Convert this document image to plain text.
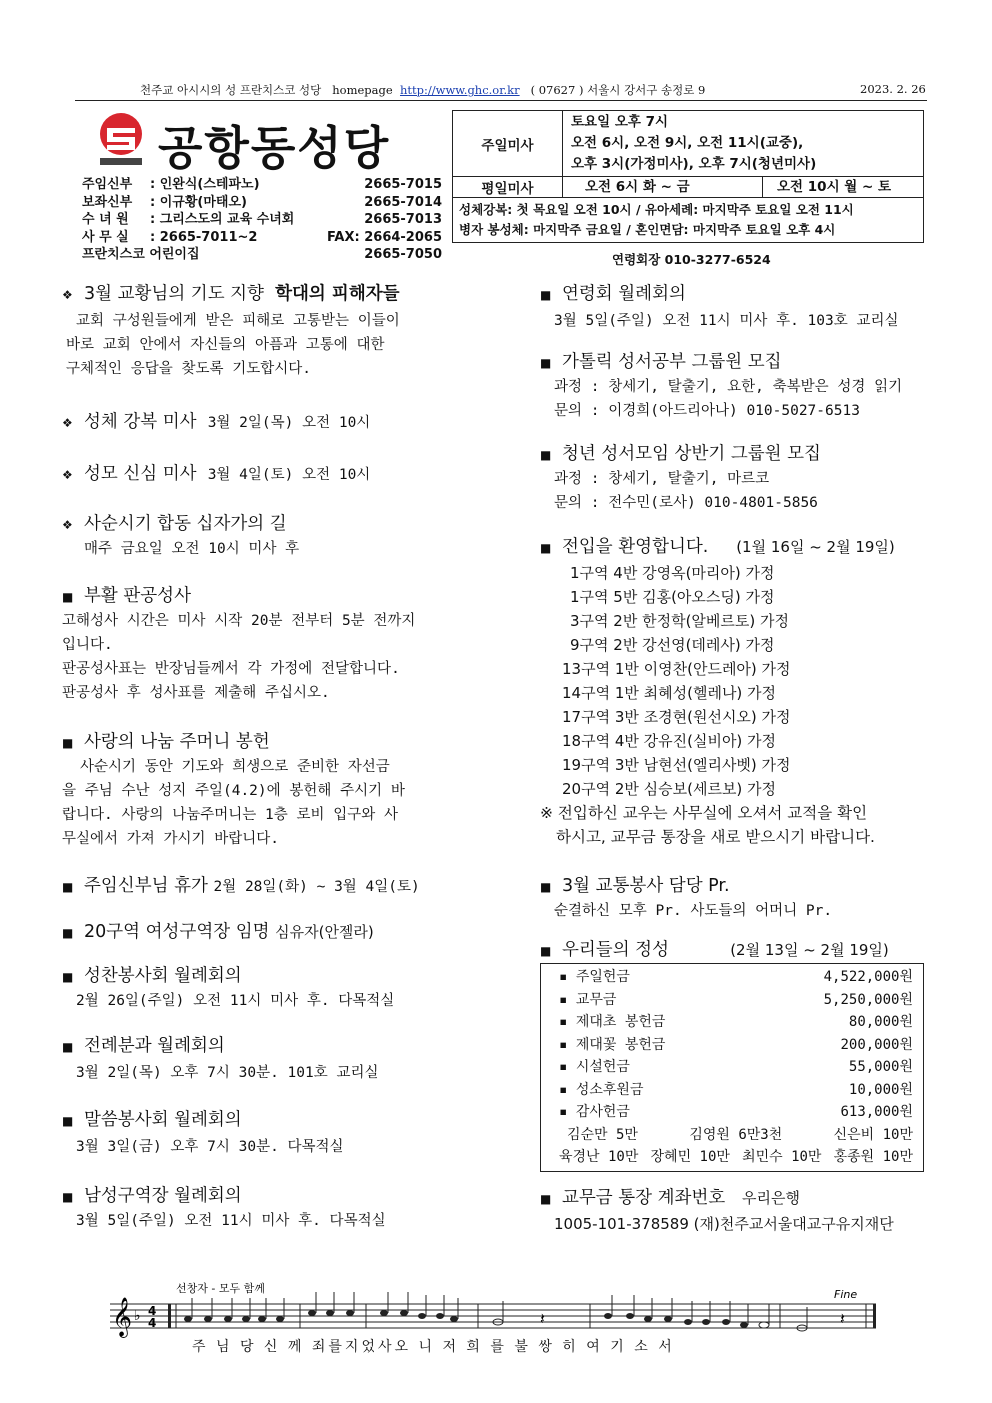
천주교 아시시의 성 프란치스코 성당 homepage http://www.ghc.or.kr ( 07627 ) 서울시 강서구 송정로 9	2023. 2. 26
공항동성당
주임신부	: 인완식(스테파노)	2665-7015
보좌신부	: 이규황(마태오)	2665-7014
수 녀 원	: 그리스도의 교육 수녀회	2665-7013
사 무 실	: 2665-7011~2	FAX: 2664-2065
프란치스코 어린이집	2665-7050
주일미사
토요일 오후 7시
오전 6시, 오전 9시, 오전 11시(교중),
오후 3시(가정미사), 오후 7시(청년미사)
평일미사	오전 6시 화 ~ 금	오전 10시 월 ~ 토
성체강복: 첫 목요일 오전 10시 / 유아세례: 마지막주 토요일 오전 11시
병자 봉성체: 마지막주 금요일 / 혼인면담: 마지막주 토요일 오후 4시
연령회장 010-3277-6524
❖ 3월 교황님의 기도 지향 학대의 피해자들
교회 구성원들에게 받은 피해로 고통받는 이들이
바로 교회 안에서 자신들의 아픔과 고통에 대한
구체적인 응답을 찾도록 기도합시다.
❖ 성체 강복 미사 3월 2일(목) 오전 10시
❖ 성모 신심 미사 3월 4일(토) 오전 10시
❖ 사순시기 합동 십자가의 길
매주 금요일 오전 10시 미사 후
■ 부활 판공성사
고해성사 시간은 미사 시작 20분 전부터 5분 전까지
입니다.
판공성사표는 반장님들께서 각 가정에 전달합니다.
판공성사 후 성사표를 제출해 주십시오.
■ 사랑의 나눔 주머니 봉헌
사순시기 동안 기도와 희생으로 준비한 자선금
을 주님 수난 성지 주일(4.2)에 봉헌해 주시기 바
랍니다. 사랑의 나눔주머니는 1층 로비 입구와 사
무실에서 가져 가시기 바랍니다.
■ 주임신부님 휴가 2월 28일(화) ~ 3월 4일(토)
■ 20구역 여성구역장 임명 심유자(안젤라)
■ 성찬봉사회 월례회의
2월 26일(주일) 오전 11시 미사 후. 다목적실
■ 전례분과 월례회의
3월 2일(목) 오후 7시 30분. 101호 교리실
■ 말씀봉사회 월례회의
3월 3일(금) 오후 7시 30분. 다목적실
■ 남성구역장 월례회의
3월 5일(주일) 오전 11시 미사 후. 다목적실
■ 연령회 월례회의
3월 5일(주일) 오전 11시 미사 후. 103호 교리실
■ 가톨릭 성서공부 그룹원 모집
과정 : 창세기, 탈출기, 요한, 축복받은 성경 읽기
문의 : 이경희(아드리아나) 010-5027-6513
■ 청년 성서모임 상반기 그룹원 모집
과정 : 창세기, 탈출기, 마르코
문의 : 전수민(로사) 010-4801-5856
■ 전입을 환영합니다. (1월 16일 ~ 2월 19일)
1구역 4반 강영옥(마리아) 가정
1구역 5반 김홍(아오스딩) 가정
3구역 2반 한정학(알베르토) 가정
9구역 2반 강선영(데레사) 가정
13구역 1반 이영찬(안드레아) 가정
14구역 1반 최혜성(헬레나) 가정
17구역 3반 조경현(원선시오) 가정
18구역 4반 강유진(실비아) 가정
19구역 3반 남현선(엘리사벳) 가정
20구역 2반 심승보(세르보) 가정
※ 전입하신 교우는 사무실에 오셔서 교적을 확인
하시고, 교무금 통장을 새로 받으시기 바랍니다.
■ 3월 교통봉사 담당 Pr.
순결하신 모후 Pr. 사도들의 어머니 Pr.
■ 우리들의 정성	(2월 13일 ~ 2월 19일)
▪ 주일헌금	4,522,000원
▪ 교무금	5,250,000원
▪ 제대초 봉헌금	80,000원
▪ 제대꽃 봉헌금	200,000원
▪ 시설헌금	55,000원
▪ 성소후원금	10,000원
▪ 감사헌금	613,000원
김순만 5만	김영원 6만3천	신은비 10만
육경난 10만 장혜민 10만 최민수 10만 홍종원 10만
■ 교무금 통장 계좌번호 우리은행
1005-101-378589 (재)천주교서울대교구유지재단
선창자 - 모두 함께	Fine
𝄞 ♭ 4
4	𝄽	𝄽
주 님 당 신 께 죄를지었사오 니 저 희 를 불 쌍 히 여 기 소 서
